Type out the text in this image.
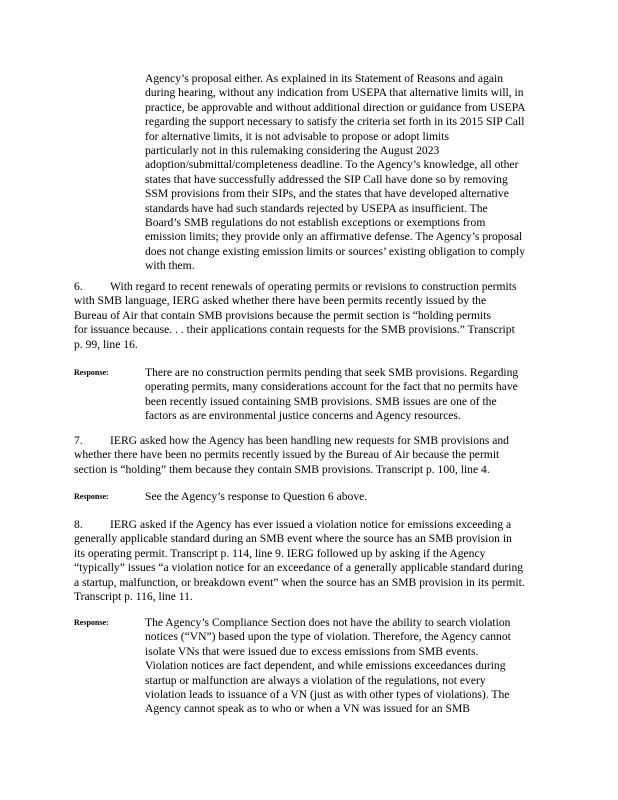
Agency’s proposal either. As explained in its Statement of Reasons and again
during hearing, without any indication from USEPA that alternative limits will, in
practice, be approvable and without additional direction or guidance from USEPA
regarding the support necessary to satisfy the criteria set forth in its 2015 SIP Call
for alternative limits, it is not advisable to propose or adopt limits
particularly not in this rulemaking considering the August 2023
adoption/submittal/completeness deadline. To the Agency’s knowledge, all other
states that have successfully addressed the SIP Call have done so by removing
SSM provisions from their SIPs, and the states that have developed alternative
standards have had such standards rejected by USEPA as insufficient. The
Board’s SMB regulations do not establish exceptions or exemptions from
emission limits; they provide only an affirmative defense. The Agency’s proposal
does not change existing emission limits or sources’ existing obligation to comply
with them.
6. With regard to recent renewals of operating permits or revisions to construction permits
with SMB language, IERG asked whether there have been permits recently issued by the
Bureau of Air that contain SMB provisions because the permit section is “holding permits
for issuance because. . . their applications contain requests for the SMB provisions.” Transcript
p. 99, line 16.
Response:	There are no construction permits pending that seek SMB provisions. Regarding
operating permits, many considerations account for the fact that no permits have
been recently issued containing SMB provisions. SMB issues are one of the
factors as are environmental justice concerns and Agency resources.
7. IERG asked how the Agency has been handling new requests for SMB provisions and
whether there have been no permits recently issued by the Bureau of Air because the permit
section is “holding” them because they contain SMB provisions. Transcript p. 100, line 4.
Response:	See the Agency’s response to Question 6 above.
8. IERG asked if the Agency has ever issued a violation notice for emissions exceeding a
generally applicable standard during an SMB event where the source has an SMB provision in
its operating permit. Transcript p. 114, line 9. IERG followed up by asking if the Agency
“typically” issues “a violation notice for an exceedance of a generally applicable standard during
a startup, malfunction, or breakdown event” when the source has an SMB provision in its permit.
Transcript p. 116, line 11.
Response:	The Agency’s Compliance Section does not have the ability to search violation
notices (“VN”) based upon the type of violation. Therefore, the Agency cannot
isolate VNs that were issued due to excess emissions from SMB events.
Violation notices are fact dependent, and while emissions exceedances during
startup or malfunction are always a violation of the regulations, not every
violation leads to issuance of a VN (just as with other types of violations). The
Agency cannot speak as to who or when a VN was issued for an SMB
